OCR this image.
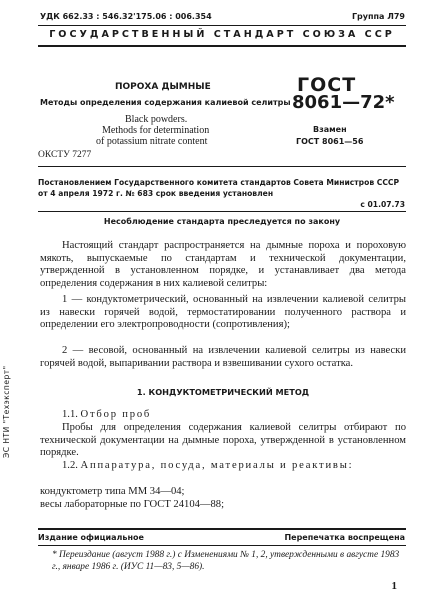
УДК 662.33 : 546.32'175.06 : 006.354	Группа Л79
ГОСУДАРСТВЕННЫЙ СТАНДАРТ СОЮЗА ССР
ПОРОХА ДЫМНЫЕ
Методы определения содержания калиевой селитры
Black powders.
Methods for determination
of potassium nitrate content
ОКСТУ 7277
ГОСТ
8061—72*
Взамен
ГОСТ 8061—56
Постановлением Государственного комитета стандартов Совета Министров СССР
от 4 апреля 1972 г. № 683 срок введения установлен
с 01.07.73
Несоблюдение стандарта преследуется по закону
Настоящий стандарт распространяется на дымные пороха и пороховую мякоть, выпускаемые по стандартам и технической документации, утвержденной в установленном порядке, и устанавливает два метода определения содержания в них калиевой селитры:
1 — кондуктометрический, основанный на извлечении калиевой селитры из навески горячей водой, термостатировании полученного раствора и определении его электропроводности (сопротивления);
2 — весовой, основанный на извлечении калиевой селитры из навески горячей водой, выпаривании раствора и взвешивании сухого остатка.
1. КОНДУКТОМЕТРИЧЕСКИЙ МЕТОД
1.1. Отбор проб
Пробы для определения содержания калиевой селитры отбирают по технической документации на дымные пороха, утвержденной в установленном порядке.
1.2. Аппаратура, посуда, материалы и реактивы:
кондуктометр типа ММ 34—04;
весы лабораторные по ГОСТ 24104—88;
Издание официальное	Перепечатка воспрещена
* Переиздание (август 1988 г.) с Изменениями № 1, 2, утвержденными в августе 1983 г., январе 1986 г. (ИУС 11—83, 5—86).
1
ЭС НТИ "Техэксперт"
